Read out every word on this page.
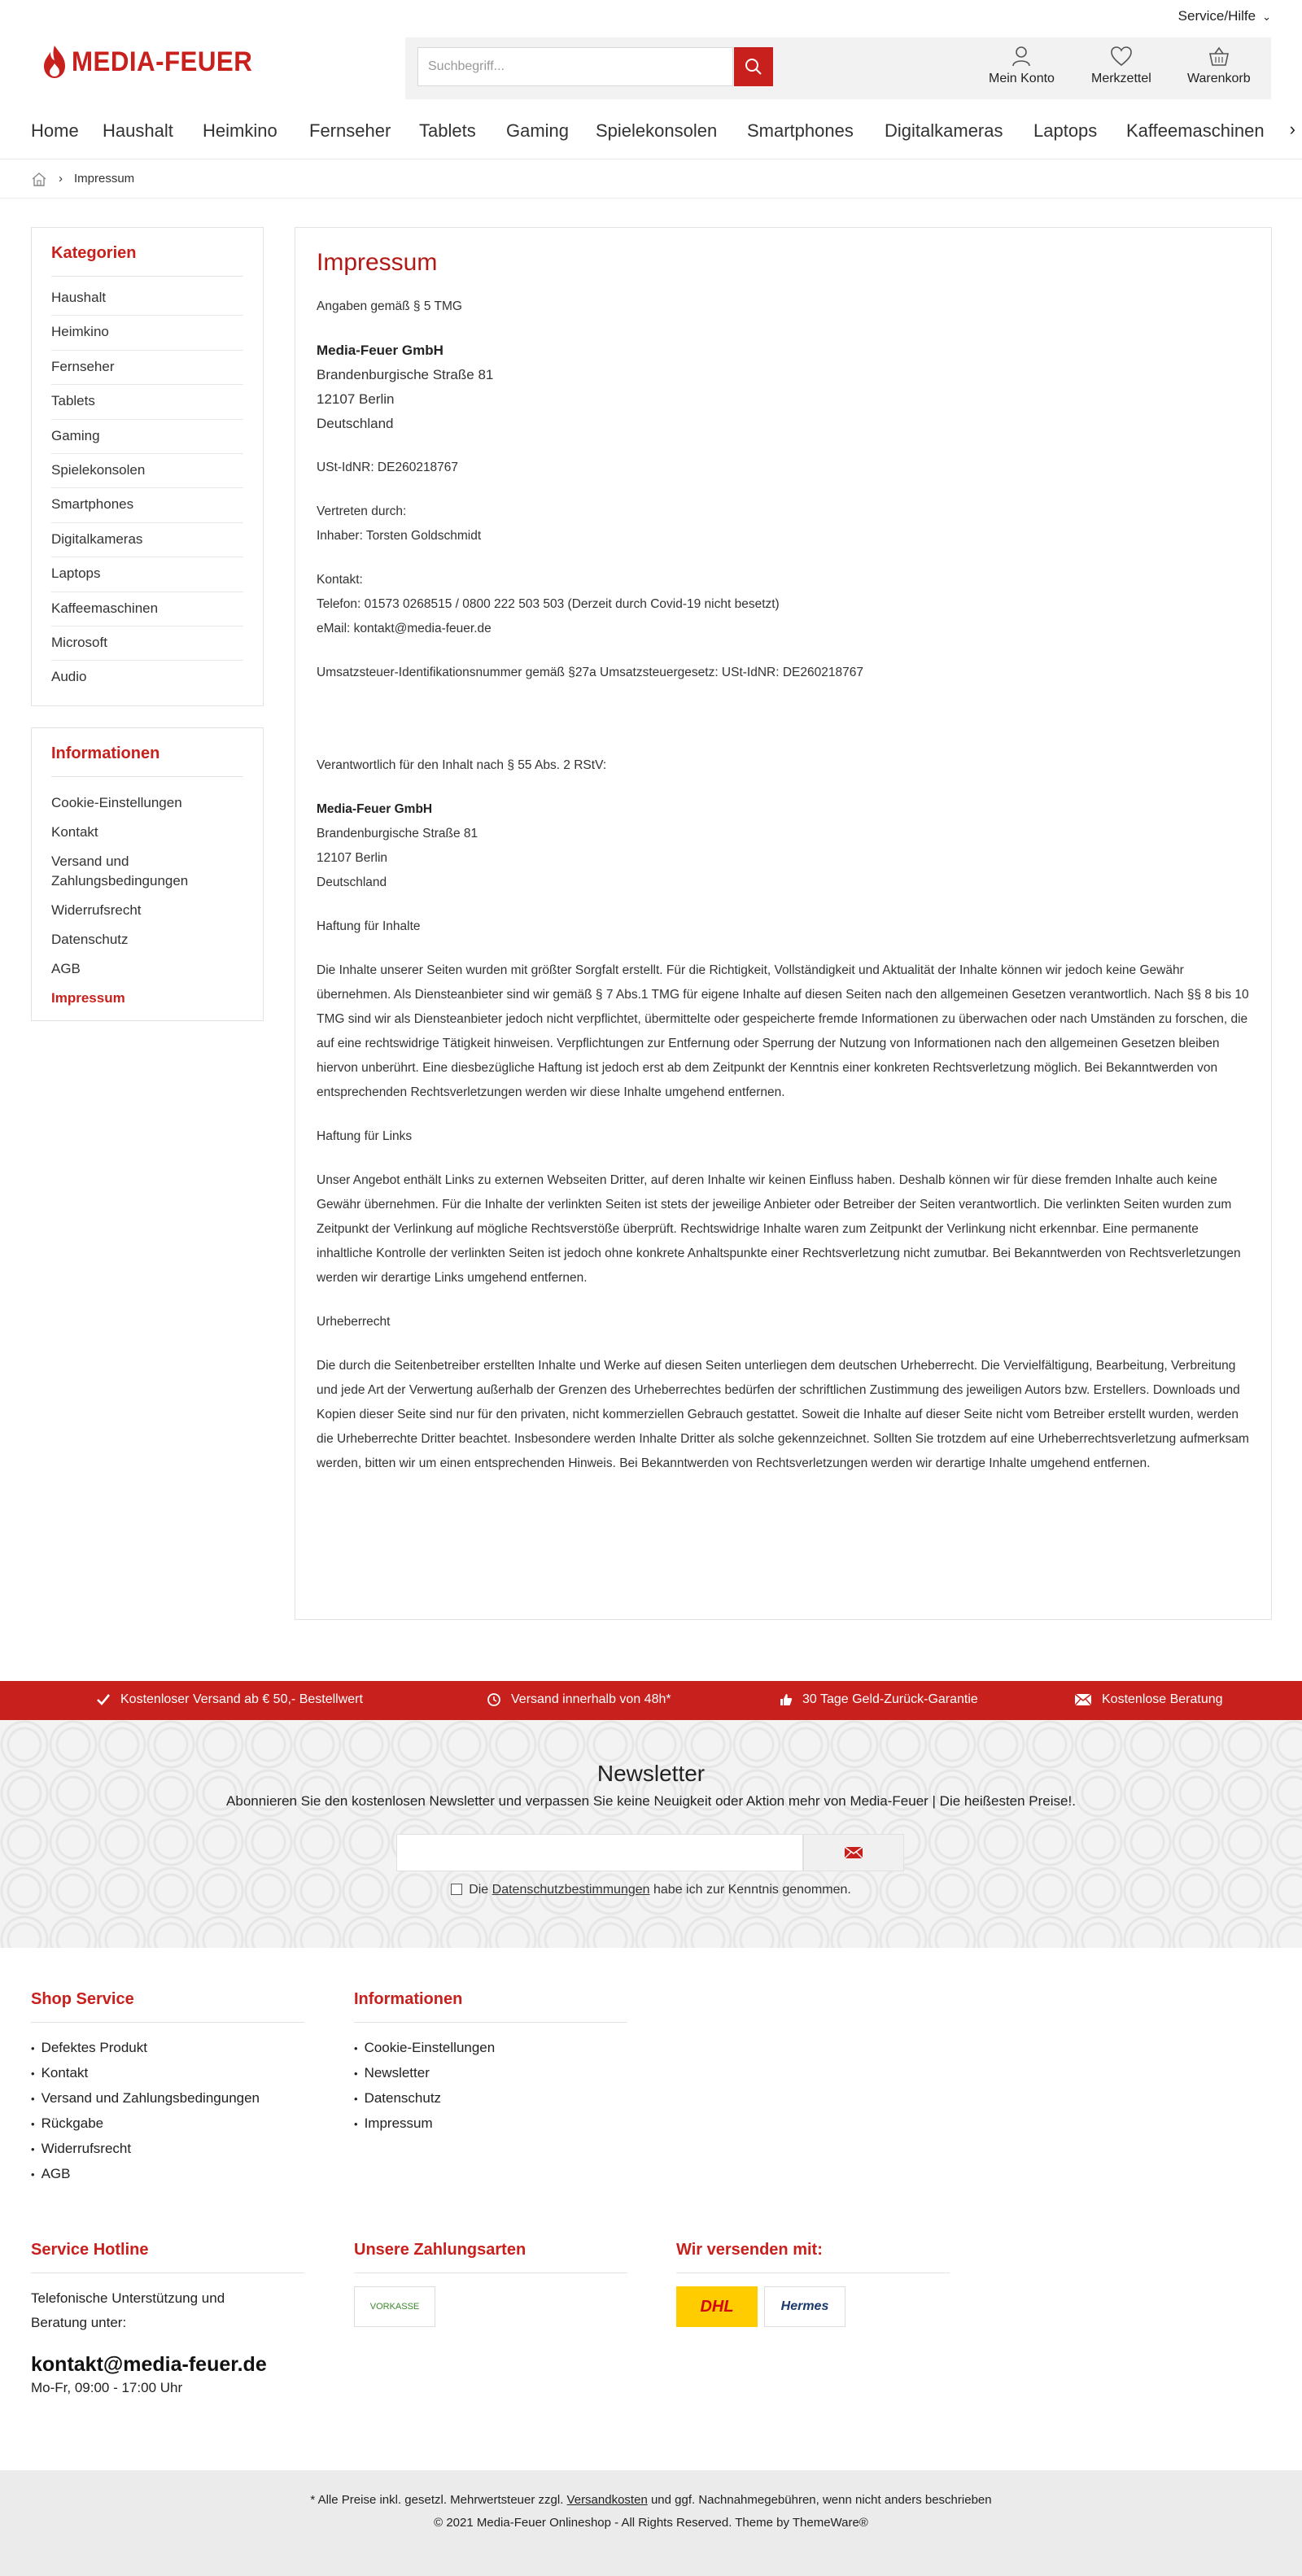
Service/Hilfe ⌄
MEDIA-FEUER
Suchbegriff...
Mein Konto	Merkzettel	Warenkorb
Home Haushalt Heimkino Fernseher Tablets Gaming Spielekonsolen Smartphones Digitalkameras Laptops Kaffeemaschinen ›
› Impressum
Kategorien
Haushalt
Heimkino
Fernseher
Tablets
Gaming
Spielekonsolen
Smartphones
Digitalkameras
Laptops
Kaffeemaschinen
Microsoft
Audio
Informationen
Cookie-Einstellungen
Kontakt
Versand und Zahlungsbedingungen
Widerrufsrecht
Datenschutz
AGB
Impressum
Impressum

Angaben gemäß § 5 TMG

Media-Feuer GmbH
Brandenburgische Straße 81
12107 Berlin
Deutschland

USt-IdNR: DE260218767

Vertreten durch:

Inhaber: Torsten Goldschmidt

Kontakt:

Telefon: 01573 0268515 / 0800 222 503 503 (Derzeit durch Covid-19 nicht besetzt)

eMail: kontakt@media-feuer.de

Umsatzsteuer-Identifikationsnummer gemäß §27a Umsatzsteuergesetz: USt-IdNR: DE260218767

Verantwortlich für den Inhalt nach § 55 Abs. 2 RStV:

Media-Feuer GmbH
Brandenburgische Straße 81
12107 Berlin
Deutschland

Haftung für Inhalte

Die Inhalte unserer Seiten wurden mit größter Sorgfalt erstellt. Für die Richtigkeit, Vollständigkeit und Aktualität der Inhalte können wir jedoch keine Gewähr übernehmen. Als Diensteanbieter sind wir gemäß § 7 Abs.1 TMG für eigene Inhalte auf diesen Seiten nach den allgemeinen Gesetzen verantwortlich. Nach §§ 8 bis 10 TMG sind wir als Diensteanbieter jedoch nicht verpflichtet, übermittelte oder gespeicherte fremde Informationen zu überwachen oder nach Umständen zu forschen, die auf eine rechtswidrige Tätigkeit hinweisen. Verpflichtungen zur Entfernung oder Sperrung der Nutzung von Informationen nach den allgemeinen Gesetzen bleiben hiervon unberührt. Eine diesbezügliche Haftung ist jedoch erst ab dem Zeitpunkt der Kenntnis einer konkreten Rechtsverletzung möglich. Bei Bekanntwerden von entsprechenden Rechtsverletzungen werden wir diese Inhalte umgehend entfernen.

Haftung für Links

Unser Angebot enthält Links zu externen Webseiten Dritter, auf deren Inhalte wir keinen Einfluss haben. Deshalb können wir für diese fremden Inhalte auch keine Gewähr übernehmen. Für die Inhalte der verlinkten Seiten ist stets der jeweilige Anbieter oder Betreiber der Seiten verantwortlich. Die verlinkten Seiten wurden zum Zeitpunkt der Verlinkung auf mögliche Rechtsverstöße überprüft. Rechtswidrige Inhalte waren zum Zeitpunkt der Verlinkung nicht erkennbar. Eine permanente inhaltliche Kontrolle der verlinkten Seiten ist jedoch ohne konkrete Anhaltspunkte einer Rechtsverletzung nicht zumutbar. Bei Bekanntwerden von Rechtsverletzungen werden wir derartige Links umgehend entfernen.

Urheberrecht

Die durch die Seitenbetreiber erstellten Inhalte und Werke auf diesen Seiten unterliegen dem deutschen Urheberrecht. Die Vervielfältigung, Bearbeitung, Verbreitung und jede Art der Verwertung außerhalb der Grenzen des Urheberrechtes bedürfen der schriftlichen Zustimmung des jeweiligen Autors bzw. Erstellers. Downloads und Kopien dieser Seite sind nur für den privaten, nicht kommerziellen Gebrauch gestattet. Soweit die Inhalte auf dieser Seite nicht vom Betreiber erstellt wurden, werden die Urheberrechte Dritter beachtet. Insbesondere werden Inhalte Dritter als solche gekennzeichnet. Sollten Sie trotzdem auf eine Urheberrechtsverletzung aufmerksam werden, bitten wir um einen entsprechenden Hinweis. Bei Bekanntwerden von Rechtsverletzungen werden wir derartige Inhalte umgehend entfernen.

Kostenloser Versand ab € 50,- Bestellwert	Versand innerhalb von 48h*	30 Tage Geld-Zurück-Garantie	Kostenlose Beratung
Newsletter
Abonnieren Sie den kostenlosen Newsletter und verpassen Sie keine Neuigkeit oder Aktion mehr von Media-Feuer | Die heißesten Preise!.
Die Datenschutzbestimmungen habe ich zur Kenntnis genommen.
Shop Service
• Defektes Produkt
• Kontakt
• Versand und Zahlungsbedingungen
• Rückgabe
• Widerrufsrecht
• AGB
Informationen
• Cookie-Einstellungen
• Newsletter
• Datenschutz
• Impressum
Service Hotline
Telefonische Unterstützung und Beratung unter:
kontakt@media-feuer.de
Mo-Fr, 09:00 - 17:00 Uhr
Unsere Zahlungsarten
VORKASSE
Wir versenden mit:
DHL	Hermes
* Alle Preise inkl. gesetzl. Mehrwertsteuer zzgl. Versandkosten und ggf. Nachnahmegebühren, wenn nicht anders beschrieben
© 2021 Media-Feuer Onlineshop - All Rights Reserved. Theme by ThemeWare®
